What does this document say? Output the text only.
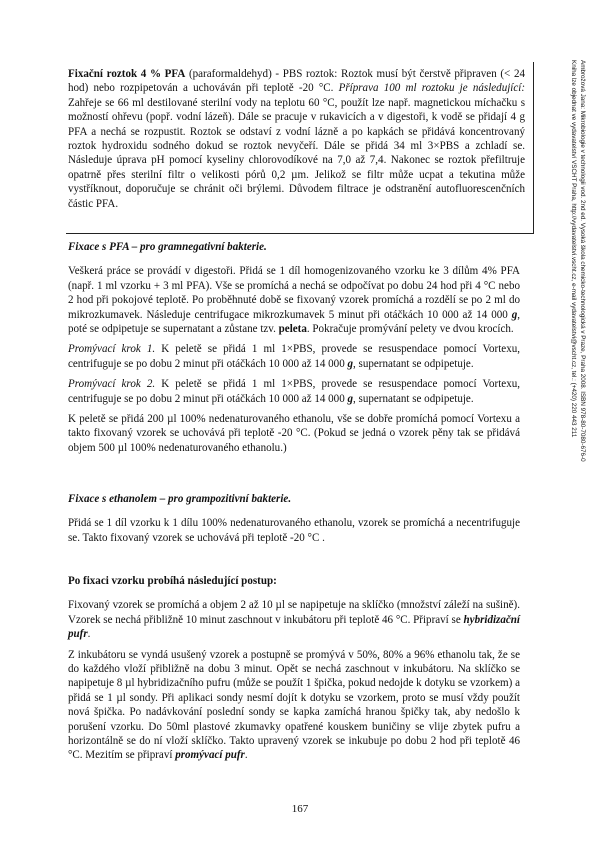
Fixační roztok 4 % PFA (paraformaldehyd) - PBS roztok: Roztok musí být čerstvě připraven (< 24 hod) nebo rozpipetován a uchováván při teplotě -20 °C. Příprava 100 ml roztoku je následující: Zahřeje se 66 ml destilované sterilní vody na teplotu 60 °C, použít lze např. magnetickou míchačku s možností ohřevu (popř. vodní lázeň). Dále se pracuje v rukavicích a v digestoři, k vodě se přidají 4 g PFA a nechá se rozpustit. Roztok se odstaví z vodní lázně a po kapkách se přidává koncentrovaný roztok hydroxidu sodného dokud se roztok nevyčeří. Dále se přidá 34 ml 3×PBS a zchladí se. Následuje úprava pH pomocí kyseliny chlorovodíkové na 7,0 až 7,4. Nakonec se roztok přefiltruje opatrně přes sterilní filtr o velikosti pórů 0,2 µm. Jelikož se filtr může ucpat a tekutina může vystříknout, doporučuje se chránit oči brýlemi. Důvodem filtrace je odstranění autofluorescenčních částic PFA.

Fixace s PFA – pro gramnegativní bakterie.

Veškerá práce se provádí v digestoři. Přidá se 1 díl homogenizovaného vzorku ke 3 dílům 4% PFA (např. 1 ml vzorku + 3 ml PFA). Vše se promíchá a nechá se odpočívat po dobu 24 hod při 4 °C nebo 2 hod při pokojové teplotě. Po proběhnuté době se fixovaný vzorek promíchá a rozdělí se po 2 ml do mikrozkumavek. Následuje centrifugace mikrozkumavek 5 minut při otáčkách 10 000 až 14 000 g, poté se odpipetuje se supernatant a zůstane tzv. peleta. Pokračuje promývání pelety ve dvou krocích.

Promývací krok 1. K peletě se přidá 1 ml 1×PBS, provede se resuspendace pomocí Vortexu, centrifuguje se po dobu 2 minut při otáčkách 10 000 až 14 000 g, supernatant se odpipetuje.

Promývací krok 2. K peletě se přidá 1 ml 1×PBS, provede se resuspendace pomocí Vortexu, centrifuguje se po dobu 2 minut při otáčkách 10 000 až 14 000 g, supernatant se odpipetuje.

K peletě se přidá 200 µl 100% nedenaturovaného ethanolu, vše se dobře promíchá pomocí Vortexu a takto fixovaný vzorek se uchovává při teplotě -20 °C. (Pokud se jedná o vzorek pěny tak se přidává objem 500 µl 100% nedenaturovaného ethanolu.)

Fixace s ethanolem – pro grampozitivní bakterie.

Přidá se 1 díl vzorku k 1 dílu 100% nedenaturovaného ethanolu, vzorek se promíchá a necentrifuguje se. Takto fixovaný vzorek se uchovává při teplotě -20 °C .

Po fixaci vzorku probíhá následující postup:

Fixovaný vzorek se promíchá a objem 2 až 10 µl se napipetuje na sklíčko (množství záleží na sušině). Vzorek se nechá přibližně 10 minut zaschnout v inkubátoru při teplotě 46 °C. Připraví se hybridizační pufr.

Z inkubátoru se vyndá usušený vzorek a postupně se promývá v 50%, 80% a 96% ethanolu tak, že se do každého vloží přibližně na dobu 3 minut. Opět se nechá zaschnout v inkubátoru. Na sklíčko se napipetuje 8 µl hybridizačního pufru (může se použít 1 špička, pokud nedojde k dotyku se vzorkem) a přidá se 1 µl sondy. Při aplikaci sondy nesmí dojít k dotyku se vzorkem, proto se musí vždy použít nová špička. Po nadávkování poslední sondy se kapka zamíchá hranou špičky tak, aby nedošlo k porušení vzorku. Do 50ml plastové zkumavky opatřené kouskem buničiny se vlije zbytek pufru a horizontálně se do ní vloží sklíčko. Takto upravený vzorek se inkubuje po dobu 2 hod při teplotě 46 °C. Mezitím se připraví promývací pufr.

167
Ambrožová Jana: Mikrobiologie v technologii vod. 2nd ed. Vysoká škola chemicko-technologická v Praze, Praha 2008. ISBN 978-80-7080-676-0
Kniha lze objednat ve vydavatelství VŠCHT Praha, http://vydavatelstvi.vscht.cz, e-mail vydavatelstvi@vscht.cz, tel.: (+420) 220 443 211
